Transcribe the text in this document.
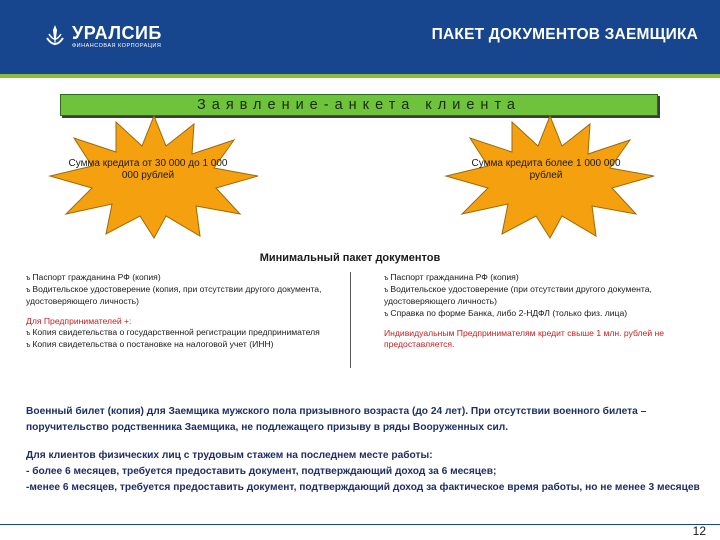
УРАЛСИБ
ФИНАНСОВАЯ КОРПОРАЦИЯ
ПАКЕТ ДОКУМЕНТОВ ЗАЕМЩИКА
Заявление-анкета клиента
Сумма кредита от 30 000 до 1 000 000 рублей
Сумма кредита более 1 000 000 рублей
Минимальный пакет документов
ъ Паспорт гражданина РФ (копия)
ъ Водительское удостоверение (копия, при отсутствии другого документа, удостоверяющего личность)
Для Предпринимателей +:
ъ Копия свидетельства о государственной регистрации предпринимателя
ъ Копия свидетельства о постановке на налоговой учет (ИНН)
ъ Паспорт гражданина РФ (копия)
ъ Водительское удостоверение (при отсутствии другого документа, удостоверяющего личность)
ъ Справка по форме Банка, либо 2-НДФЛ (только физ. лица)
Индивидуальным Предпринимателям кредит свыше 1 млн. рублей не предоставляется.
Военный билет (копия) для Заемщика мужского пола призывного возраста (до 24 лет). При отсутствии военного билета – поручительство родственника Заемщика, не подлежащего призыву в ряды Вооруженных сил.
Для клиентов физических лиц с трудовым стажем на последнем месте работы:
- более 6 месяцев, требуется предоставить документ, подтверждающий доход за 6 месяцев;
-менее 6 месяцев, требуется предоставить документ, подтверждающий доход за фактическое время работы, но не менее 3 месяцев
12
